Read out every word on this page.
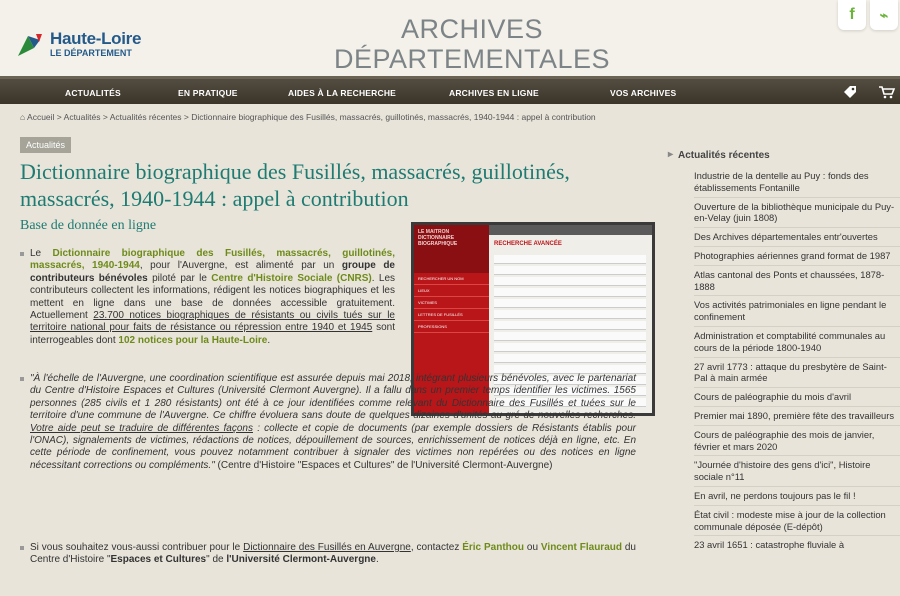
Haute-Loire
LE DÉPARTEMENT
ARCHIVES
DÉPARTEMENTALES
f ⌁
ACTUALITÉS	EN PRATIQUE	AIDES À LA RECHERCHE	ARCHIVES EN LIGNE	VOS ARCHIVES
⌂ Accueil > Actualités > Actualités récentes > Dictionnaire biographique des Fusillés, massacrés, guillotinés, massacrés, 1940-1944 : appel à contribution
Actualités
Dictionnaire biographique des Fusillés, massacrés, guillotinés, massacrés, 1940-1944 : appel à contribution
Base de donnée en ligne	LE MAITRON DICTIONNAIRE BIOGRAPHIQUE
RECHERCHER UN NOM
LIEUX
VICTIMES
LETTRES DE FUSILLÉS
PROFESSIONS
RECHERCHE AVANCÉE
Le Dictionnaire biographique des Fusillés, massacrés, guillotinés, massacrés, 1940-1944, pour l'Auvergne, est alimenté par un groupe de contributeurs bénévoles piloté par le Centre d'Histoire Sociale (CNRS). Les contributeurs collectent les informations, rédigent les notices biographiques et les mettent en ligne dans une base de données accessible gratuitement. Actuellement 23.700 notices biographiques de résistants ou civils tués sur le territoire national pour faits de résistance ou répression entre 1940 et 1945 sont interrogeables dont 102 notices pour la Haute-Loire.
"À l'échelle de l'Auvergne, une coordination scientifique est assurée depuis mai 2018, intégrant plusieurs bénévoles, avec le partenariat du Centre d'Histoire Espaces et Cultures (Université Clermont Auvergne). Il a fallu dans un premier temps identifier les victimes. 1565 personnes (285 civils et 1 280 résistants) ont été à ce jour identifiées comme relevant du Dictionnaire des Fusillés et tuées sur le territoire d'une commune de l'Auvergne. Ce chiffre évoluera sans doute de quelques dizaines d'unités au gré de nouvelles recherches. Votre aide peut se traduire de différentes façons : collecte et copie de documents (par exemple dossiers de Résistants établis pour l'ONAC), signalements de victimes, rédactions de notices, dépouillement de sources, enrichissement de notices déjà en ligne, etc. En cette période de confinement, vous pouvez notamment contribuer à signaler des victimes non repérées ou des notices en ligne nécessitant corrections ou compléments." (Centre d'Histoire "Espaces et Cultures" de l'Université Clermont-Auvergne)
Si vous souhaitez vous-aussi contribuer pour le Dictionnaire des Fusillés en Auvergne, contactez Éric Panthou ou Vincent Flauraud du Centre d'Histoire "Espaces et Cultures" de l'Université Clermont-Auvergne.
▸ Actualités récentes
Industrie de la dentelle au Puy : fonds des établissements Fontanille
Ouverture de la bibliothèque municipale du Puy-en-Velay (juin 1808)
Des Archives départementales entr'ouvertes
Photographies aériennes grand format de 1987
Atlas cantonal des Ponts et chaussées, 1878-1888
Vos activités patrimoniales en ligne pendant le confinement
Administration et comptabilité communales au cours de la période 1800-1940
27 avril 1773 : attaque du presbytère de Saint-Pal à main armée
Cours de paléographie du mois d'avril
Premier mai 1890, première fête des travailleurs
Cours de paléographie des mois de janvier, février et mars 2020
"Journée d'histoire des gens d'ici", Histoire sociale n°11
En avril, ne perdons toujours pas le fil !
État civil : modeste mise à jour de la collection communale déposée (E-dépôt)
23 avril 1651 : catastrophe fluviale à
